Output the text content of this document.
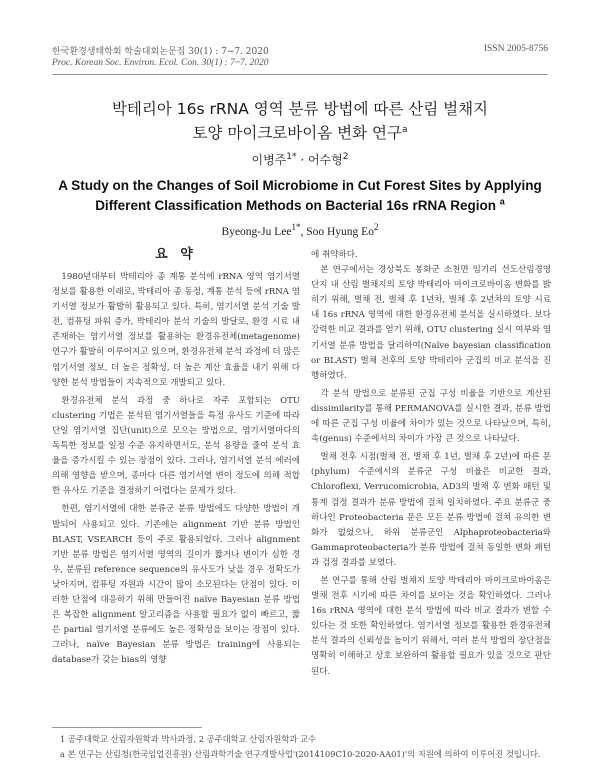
한국환경생태학회 학술대회논문집 30(1) : 7~7. 2020
Proc. Korean Soc. Environ. Ecol. Con. 30(1) : 7~7. 2020
ISSN 2005-8756
박테리아 16s rRNA 영역 분류 방법에 따른 산림 벌채지
토양 마이크로바이옴 변화 연구$^a$
이병주$^{1*}$ · 어수형$^2$
A Study on the Changes of Soil Microbiome in Cut Forest Sites by Applying
Different Classification Methods on Bacterial 16s rRNA Region $^a$
Byeong-Ju Lee$^{1*}$, Soo Hyung Eo$^2$
요 약

1980년대부터 박테리아 종 계통 분석에 rRNA 영역 염기서열 정보를 활용한 이래로, 박테리아 종 동정, 계통 분석 등에 rRNA 염기서열 정보가 활발히 활용되고 있다. 특히, 염기서열 분석 기술 발전, 컴퓨팅 파워 증가, 박테리아 분석 기술의 발달로, 환경 시료 내 존재하는 염기서열 정보를 활용하는 환경유전체(metagenome) 연구가 활발히 이루어지고 있으며, 환경유전체 분석 과정에 더 많은 염기서열 정보, 더 높은 정확성, 더 높은 계산 효율을 내기 위해 다양한 분석 방법들이 지속적으로 개발되고 있다.

환경유전체 분석 과정 중 하나로 자주 포함되는 OTU clustering 기법은 분석된 염기서열들을 특정 유사도 기준에 따라 단일 염기서열 집단(unit)으로 모으는 방법으로, 염기서열마다의 독특한 정보를 일정 수준 유지하면서도, 분석 용량을 줄여 분석 효율을 증가시킬 수 있는 장점이 있다. 그러나, 염기서열 분석 에러에 의해 영향을 받으며, 종마다 다른 염기서열 변이 정도에 의해 적합한 유사도 기준을 결정하기 어렵다는 문제가 있다.

한편, 염기서열에 대한 분류군 분류 방법에도 다양한 방법이 개발되어 사용되고 있다. 기존에는 alignment 기반 분류 방법인 BLAST, VSEARCH 등이 주로 활용되었다. 그러나 alignment 기반 분류 방법은 염기서열 영역의 길이가 짧거나 변이가 심한 경우, 분류된 reference sequence의 유사도가 낮을 경우 정확도가 낮아지며, 컴퓨팅 자원과 시간이 많이 소모된다는 단점이 있다. 이러한 단점에 대응하기 위해 만들어진 naïve Bayesian 분류 방법은 복잡한 alignment 알고리즘을 사용할 필요가 없이 빠르고, 짧은 partial 염기서열 분류에도 높은 정확성을 보이는 장점이 있다. 그러나, naïve Bayesian 분류 방법은 training에 사용되는 database가 갖는 bias의 영향

에 취약하다.

본 연구에서는 경상북도 봉화군 소천면 임기리 선도산림경영단지 내 산림 벌채지의 토양 박테리아 마이크로바이옴 변화를 밝히기 위해, 벌채 전, 벌채 후 1년차, 벌채 후 2년차의 토양 시료 내 16s rRNA 영역에 대한 환경유전체 분석을 실시하였다. 보다 강력한 비교 결과를 얻기 위해, OTU clustering 실시 여부와 염기서열 분류 방법을 달리하여(Naïve bayesian classification or BLAST) 벌채 전후의 토양 박테리아 군집의 비교 분석을 진행하였다.

각 분석 방법으로 분류된 군집 구성 비율을 기반으로 계산된 dissimilarity를 통해 PERMANOVA를 실시한 결과, 분류 방법에 따른 군집 구성 비율에 차이가 있는 것으로 나타났으며, 특히, 속(genus) 수준에서의 차이가 가장 큰 것으로 나타났다.

벌채 전후 시점(벌채 전, 벌채 후 1년, 벌채 후 2년)에 따른 문(phylum) 수준에서의 분류군 구성 비율은 비교한 결과, Chloroflexi, Verrucomicrobia, AD3의 벌채 후 변화 패턴 및 통계 검정 결과가 분류 방법에 걸쳐 일치하였다. 주요 분류군 중 하나인 Proteobacteria 문은 모든 분류 방법에 걸쳐 유의한 변화가 없었으나, 하위 분류군인 Alphaproteobacteria와 Gammaproteobacteria가 분류 방법에 걸쳐 동일한 변화 패턴과 검정 결과를 보였다.

본 연구를 통해 산림 벌채지 토양 박테리아 마이크로바이옴은 벌채 전후 시기에 따른 차이를 보이는 것을 확인하였다. 그러나 16s rRNA 영역에 대한 분석 방법에 따라 비교 결과가 변할 수 있다는 것 또한 확인하였다. 염기서열 정보를 활용한 환경유전체 분석 결과의 신뢰성을 높이기 위해서, 여러 분석 방법의 장단점을 명확히 이해하고 상호 보완하여 활용할 필요가 있을 것으로 판단된다.

1 공주대학교 산림자원학과 박사과정, 2 공주대학교 산림자원학과 교수
a 본 연구는 산림청(한국임업진흥원) 산림과학기술 연구개발사업'(2014109C10-2020-AA01)'의 지원에 의하여 이루어진 것입니다.
